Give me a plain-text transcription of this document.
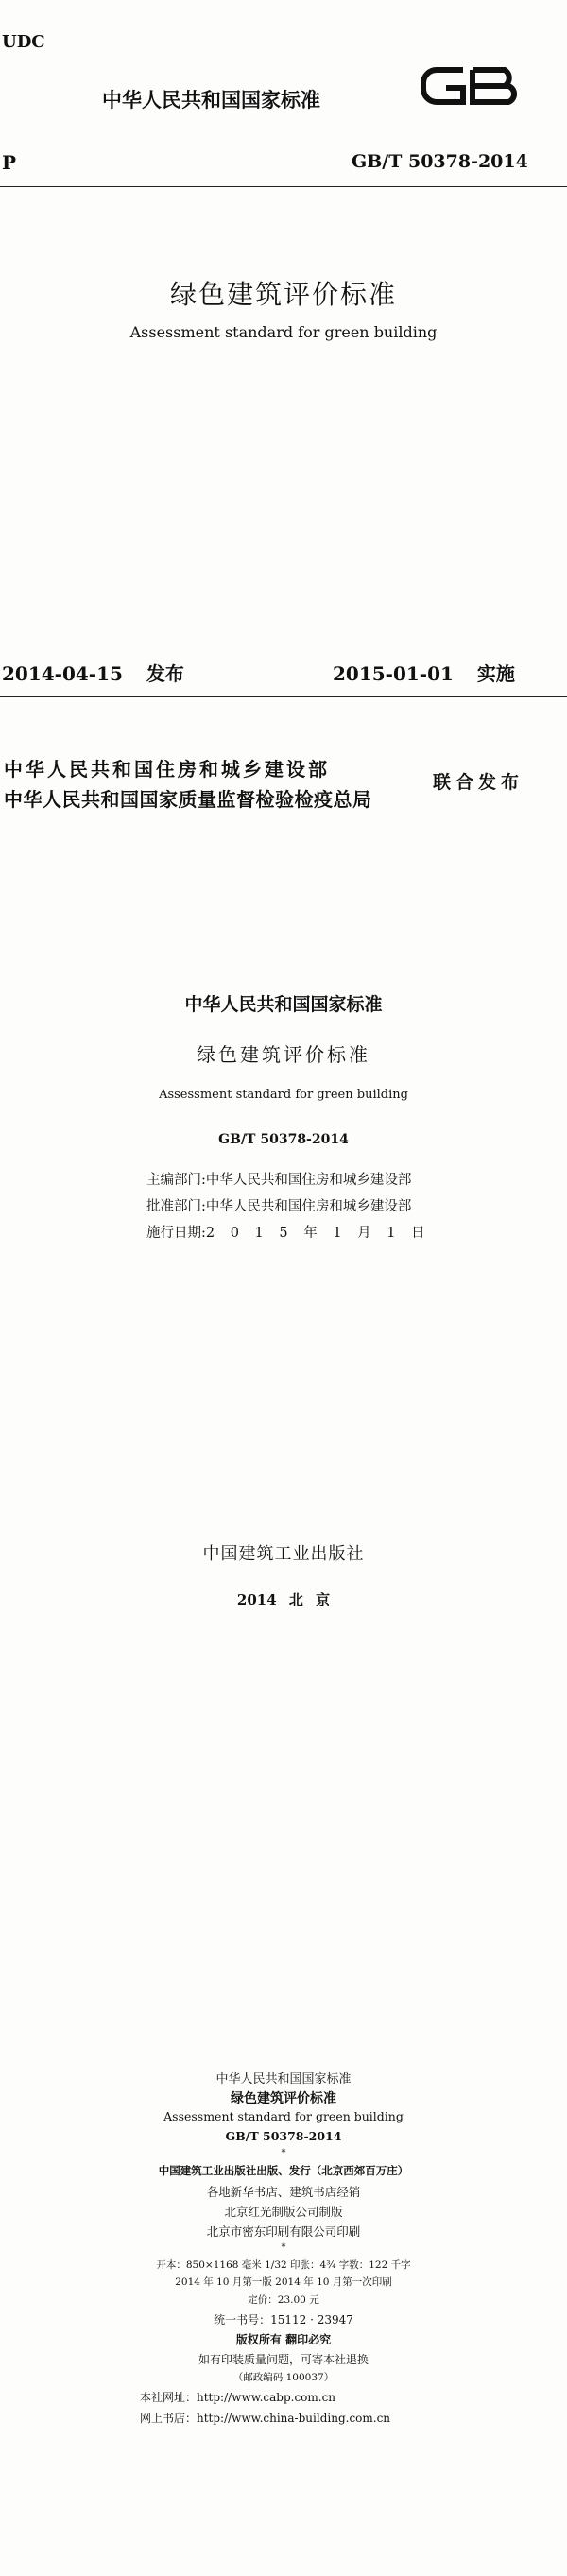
UDC
中华人民共和国国家标准
P	GB/T 50378-2014
绿色建筑评价标准
Assessment standard for green building
2014-04-15 发布	2015-01-01 实施
中华人民共和国住房和城乡建设部
中华人民共和国国家质量监督检验检疫总局
联合发布
中华人民共和国国家标准
绿色建筑评价标准
Assessment standard for green building
GB/T 50378-2014
主编部门:中华人民共和国住房和城乡建设部
批准部门:中华人民共和国住房和城乡建设部
施行日期:2 0 1 5 年 1 月 1 日
中国建筑工业出版社
2014 北 京
中华人民共和国国家标准
绿色建筑评价标准
Assessment standard for green building
GB/T 50378-2014
*
中国建筑工业出版社出版、发行（北京西郊百万庄）
各地新华书店、建筑书店经销
北京红光制版公司制版
北京市密东印刷有限公司印刷
*
开本：850×1168 毫米 1/32 印张：4¾ 字数：122 千字
2014 年 10 月第一版 2014 年 10 月第一次印刷
定价：23.00 元
统一书号：15112 · 23947
版权所有 翻印必究
如有印装质量问题，可寄本社退换
（邮政编码 100037）
本社网址：http://www.cabp.com.cn
网上书店：http://www.china-building.com.cn
